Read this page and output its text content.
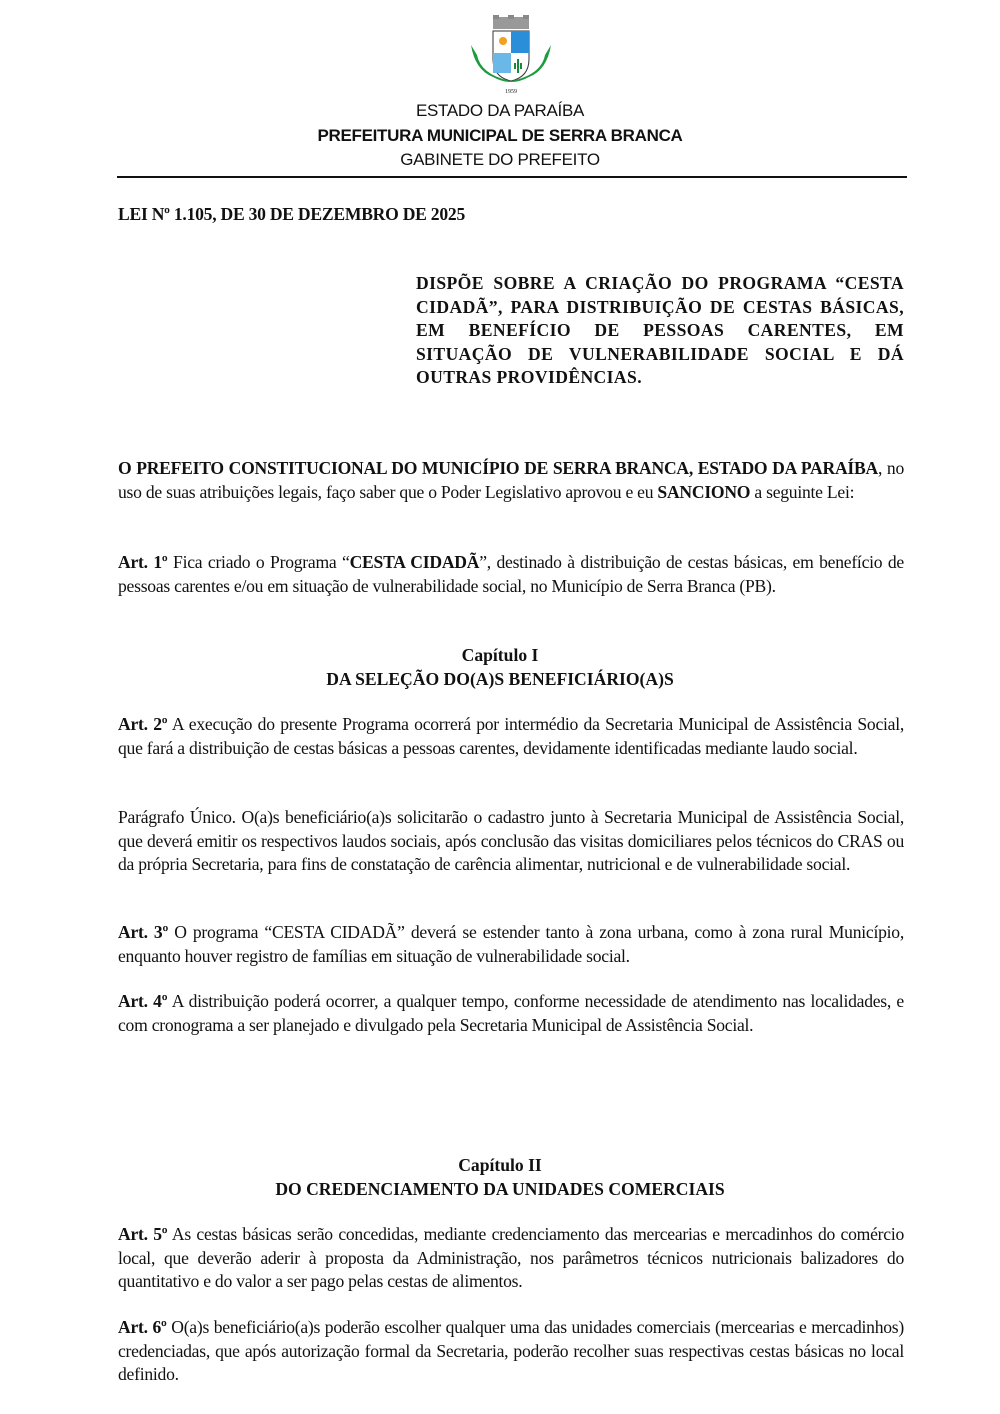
1959
ESTADO DA PARAÍBA
PREFEITURA MUNICIPAL DE SERRA BRANCA
GABINETE DO PREFEITO
LEI Nº 1.105, DE 30 DE DEZEMBRO DE 2025

DISPÕE SOBRE A CRIAÇÃO DO PROGRAMA “CESTA CIDADÃ”, PARA DISTRIBUIÇÃO DE CESTAS BÁSICAS, EM BENEFÍCIO DE PESSOAS CARENTES, EM SITUAÇÃO DE VULNERABILIDADE SOCIAL E DÁ OUTRAS PROVIDÊNCIAS.

O PREFEITO CONSTITUCIONAL DO MUNICÍPIO DE SERRA BRANCA, ESTADO DA PARAÍBA, no uso de suas atribuições legais, faço saber que o Poder Legislativo aprovou e eu SANCIONO a seguinte Lei:

Art. 1º Fica criado o Programa “CESTA CIDADÃ”, destinado à distribuição de cestas básicas, em benefício de pessoas carentes e/ou em situação de vulnerabilidade social, no Município de Serra Branca (PB).

Capítulo I
DA SELEÇÃO DO(A)S BENEFICIÁRIO(A)S

Art. 2º A execução do presente Programa ocorrerá por intermédio da Secretaria Municipal de Assistência Social, que fará a distribuição de cestas básicas a pessoas carentes, devidamente identificadas mediante laudo social.

Parágrafo Único. O(a)s beneficiário(a)s solicitarão o cadastro junto à Secretaria Municipal de Assistência Social, que deverá emitir os respectivos laudos sociais, após conclusão das visitas domiciliares pelos técnicos do CRAS ou da própria Secretaria, para fins de constatação de carência alimentar, nutricional e de vulnerabilidade social.

Art. 3º O programa “CESTA CIDADÃ” deverá se estender tanto à zona urbana, como à zona rural Município, enquanto houver registro de famílias em situação de vulnerabilidade social.

Art. 4º A distribuição poderá ocorrer, a qualquer tempo, conforme necessidade de atendimento nas localidades, e com cronograma a ser planejado e divulgado pela Secretaria Municipal de Assistência Social.

Capítulo II
DO CREDENCIAMENTO DA UNIDADES COMERCIAIS

Art. 5º As cestas básicas serão concedidas, mediante credenciamento das mercearias e mercadinhos do comércio local, que deverão aderir à proposta da Administração, nos parâmetros técnicos nutricionais balizadores do quantitativo e do valor a ser pago pelas cestas de alimentos.

Art. 6º O(a)s beneficiário(a)s poderão escolher qualquer uma das unidades comerciais (mercearias e mercadinhos) credenciadas, que após autorização formal da Secretaria, poderão recolher suas respectivas cestas básicas no local definido.
